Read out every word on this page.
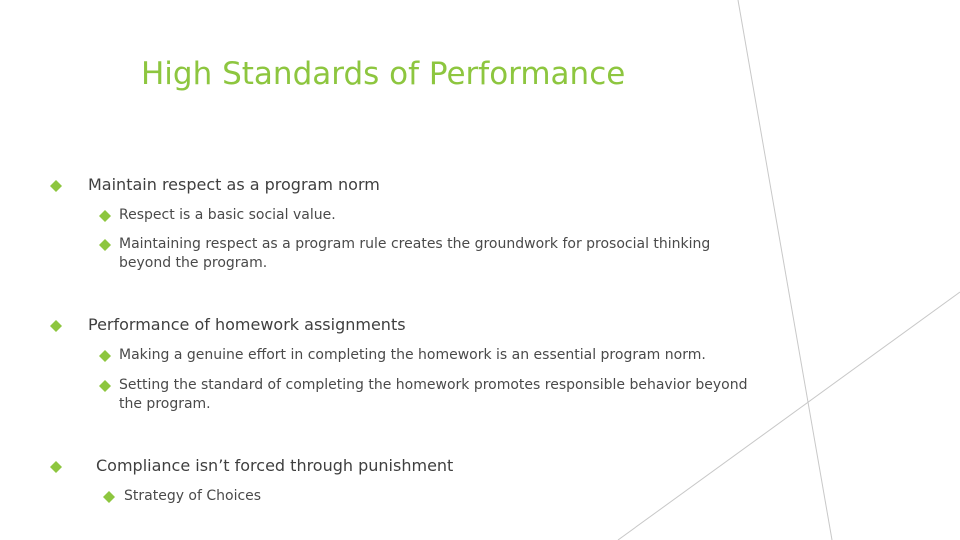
High Standards of Performance
Maintain respect as a program norm
Respect is a basic social value.
Maintaining respect as a program rule creates the groundwork for prosocial thinking beyond the program.
Performance of homework assignments
Making a genuine effort in completing the homework is an essential program norm.
Setting the standard of completing the homework promotes responsible behavior beyond the program.
Compliance isn’t forced through punishment
Strategy of Choices
